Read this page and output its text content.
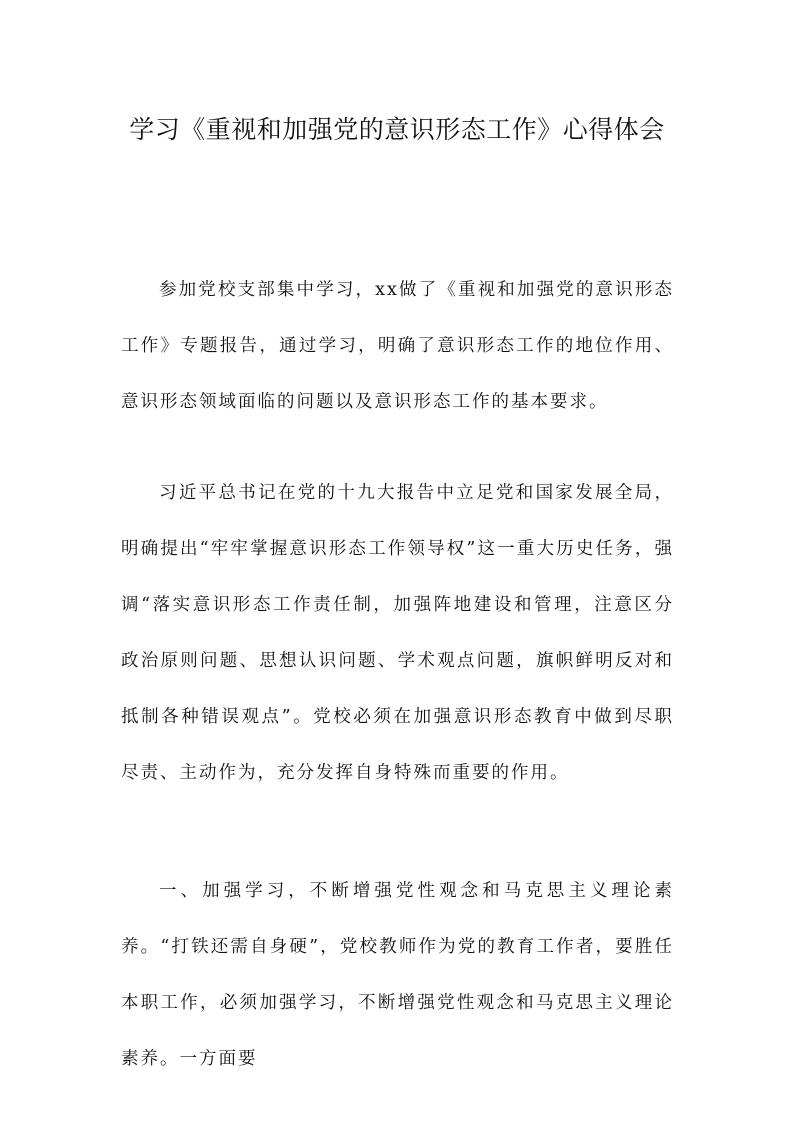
学习《重视和加强党的意识形态工作》心得体会

参加党校支部集中学习，xx做了《重视和加强党的意识形态工作》专题报告，通过学习，明确了意识形态工作的地位作用、意识形态领域面临的问题以及意识形态工作的基本要求。

习近平总书记在党的十九大报告中立足党和国家发展全局，明确提出“牢牢掌握意识形态工作领导权”这一重大历史任务，强调“落实意识形态工作责任制，加强阵地建设和管理，注意区分政治原则问题、思想认识问题、学术观点问题，旗帜鲜明反对和抵制各种错误观点”。党校必须在加强意识形态教育中做到尽职尽责、主动作为，充分发挥自身特殊而重要的作用。

一、加强学习，不断增强党性观念和马克思主义理论素养。“打铁还需自身硬”，党校教师作为党的教育工作者，要胜任本职工作，必须加强学习，不断增强党性观念和马克思主义理论素养。一方面要
